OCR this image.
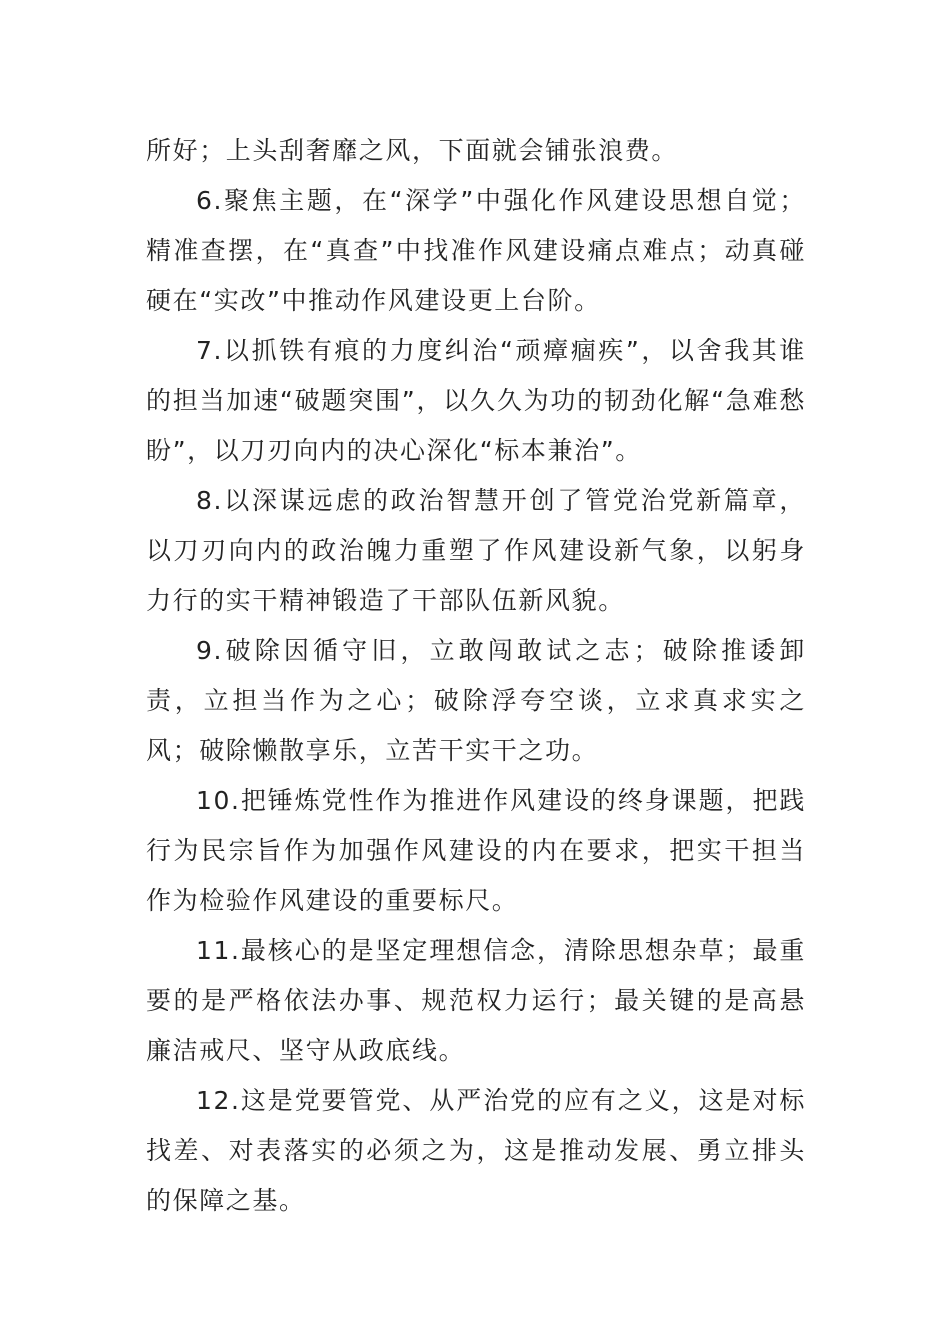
所好；上头刮奢靡之风，下面就会铺张浪费。

6.聚焦主题，在“深学”中强化作风建设思想自觉；精准查摆，在“真查”中找准作风建设痛点难点；动真碰硬在“实改”中推动作风建设更上台阶。

7.以抓铁有痕的力度纠治“顽瘴痼疾”，以舍我其谁的担当加速“破题突围”，以久久为功的韧劲化解“急难愁盼”，以刀刃向内的决心深化“标本兼治”。

8.以深谋远虑的政治智慧开创了管党治党新篇章，以刀刃向内的政治魄力重塑了作风建设新气象，以躬身力行的实干精神锻造了干部队伍新风貌。

9.破除因循守旧，立敢闯敢试之志；破除推诿卸责，立担当作为之心；破除浮夸空谈，立求真求实之风；破除懒散享乐，立苦干实干之功。

10.把锤炼党性作为推进作风建设的终身课题，把践行为民宗旨作为加强作风建设的内在要求，把实干担当作为检验作风建设的重要标尺。

11.最核心的是坚定理想信念，清除思想杂草；最重要的是严格依法办事、规范权力运行；最关键的是高悬廉洁戒尺、坚守从政底线。

12.这是党要管党、从严治党的应有之义，这是对标找差、对表落实的必须之为，这是推动发展、勇立排头的保障之基。
